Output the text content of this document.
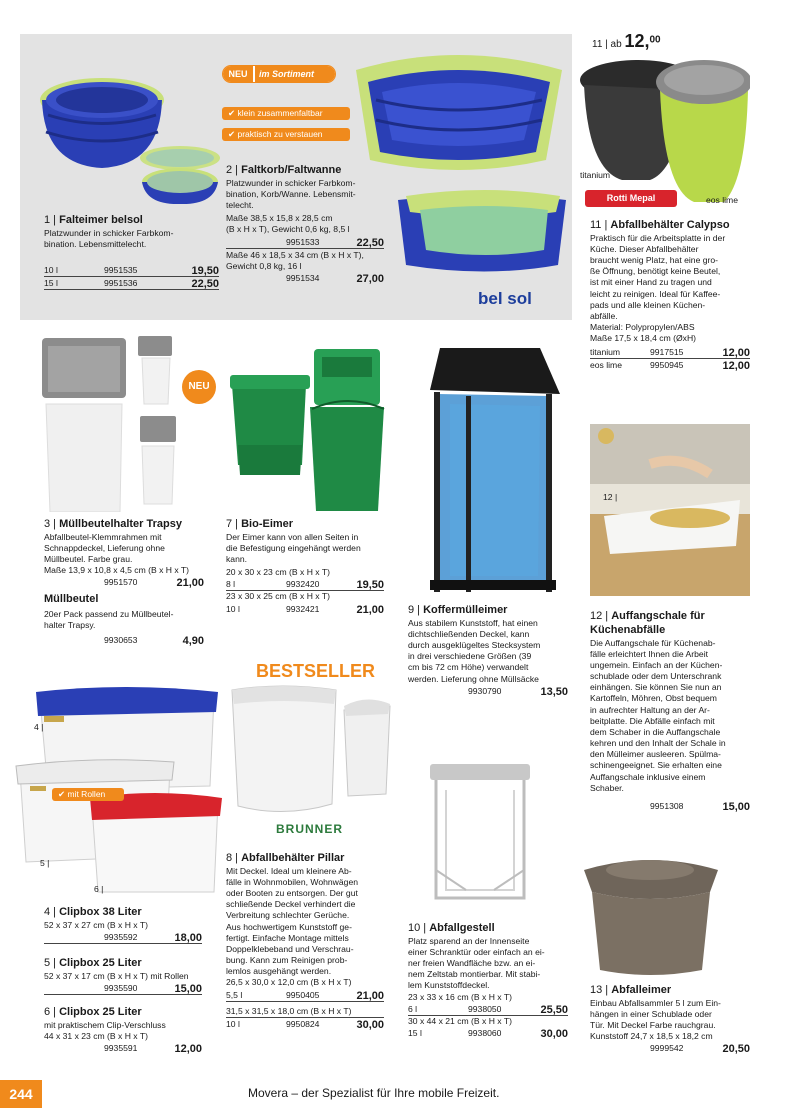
1 | Falteimer belsol
Platzwunder in schicker Farbkom-
bination. Lebensmittelecht.
10 l	9951535	19,50
15 l	9951536	22,50
NEU	im Sortiment
✔ klein zusammenfaltbar
✔ praktisch zu verstauen
2 | Faltkorb/Faltwanne
Platzwunder in schicker Farbkom-
bination, Korb/Wanne. Lebensmit-
telecht.
Maße 38,5 x 15,8 x 28,5 cm
(B x H x T), Gewicht 0,6 kg, 8,5 l
9951533	22,50
Maße 46 x 18,5 x 34 cm (B x H x T),
Gewicht 0,8 kg, 16 l
9951534	27,00
bel sol
11 | ab 12,00
titanium
eos lime
Rotti Mepal
11 | Abfallbehälter Calypso
Praktisch für die Arbeitsplatte in der
Küche. Dieser Abfallbehälter
braucht wenig Platz, hat eine gro-
ße Öffnung, benötigt keine Beutel,
ist mit einer Hand zu tragen und
leicht zu reinigen. Ideal für Kaffee-
pads und alle kleinen Küchen-
abfälle.
Material: Polypropylen/ABS
Maße 17,5 x 18,4 cm (ØxH)
titanium	9917515	12,00
eos lime	9950945	12,00
NEU
3 | Müllbeutelhalter Trapsy
Abfallbeutel-Klemmrahmen mit
Schnappdeckel, Lieferung ohne
Müllbeutel. Farbe grau.
Maße 13,9 x 10,8 x 4,5 cm (B x H x T)
9951570	21,00
Müllbeutel
20er Pack passend zu Müllbeutel-
halter Trapsy.
9930653	4,90
7 | Bio-Eimer
Der Eimer kann von allen Seiten in
die Befestigung eingehängt werden
kann.
20 x 30 x 23 cm (B x H x T)
8 l	9932420	19,50
23 x 30 x 25 cm (B x H x T)
10 l	9932421	21,00 9 | Koffermülleimer
Aus stabilem Kunststoff, hat einen
dichtschließenden Deckel, kann
durch ausgeklügeltes Stecksystem
in drei verschiedene Größen (39
cm bis 72 cm Höhe) verwandelt
werden. Lieferung ohne Müllsäcke
9930790	13,50
12 |
12 | Auffangschale für
Küchenabfälle
Die Auffangschale für Küchenab-
fälle erleichtert Ihnen die Arbeit
ungemein. Einfach an der Küchen-
schublade oder dem Unterschrank
einhängen. Sie können Sie nun an
Kartoffeln, Möhren, Obst bequem
in aufrechter Haltung an der Ar-
beitplatte. Die Abfälle einfach mit
dem Schaber in die Auffangschale
kehren und den Inhalt der Schale in
den Mülleimer ausleeren. Spülma-
schinengeeignet. Sie erhalten eine
Auffangschale inklusive einem
Schaber.
9951308	15,00
4 |
✔ mit Rollen
5 |
6 |
4 | Clipbox 38 Liter
52 x 37 x 27 cm (B x H x T)
9935592	18,00
5 | Clipbox 25 Liter
52 x 37 x 17 cm (B x H x T) mit Rollen
9935590	15,00
6 | Clipbox 25 Liter
mit praktischem Clip-Verschluss
44 x 31 x 23 cm (B x H x T)
9935591	12,00
BESTSELLER
BRUNNER
8 | Abfallbehälter Pillar
Mit Deckel. Ideal um kleinere Ab-
fälle in Wohnmobilen, Wohnwägen
oder Booten zu entsorgen. Der gut
schließende Deckel verhindert die
Verbreitung schlechter Gerüche.
Aus hochwertigem Kunststoff ge-
fertigt. Einfache Montage mittels
Doppelklebeband und Verschrau-
bung. Kann zum Reinigen prob-
lemlos ausgehängt werden.
26,5 x 30,0 x 12,0 cm (B x H x T)
5,5 l	9950405	21,00
31,5 x 31,5 x 18,0 cm (B x H x T)
10 l	9950824	30,00
10 | Abfallgestell
Platz sparend an der Innenseite
einer Schranktür oder einfach an ei-
ner freien Wandfläche bzw. an ei-
nem Zeltstab montierbar. Mit stabi-
lem Kunststoffdeckel.
23 x 33 x 16 cm (B x H x T)
6 l	9938050	25,50
30 x 44 x 21 cm (B x H x T)
15 l	9938060	30,00
13 | Abfalleimer
Einbau Abfallsammler 5 l zum Ein-
hängen in einer Schublade oder
Tür. Mit Deckel Farbe rauchgrau.
Kunststoff 24,7 x 18,5 x 18,2 cm
9999542	20,50
244	Movera – der Spezialist für Ihre mobile Freizeit.
